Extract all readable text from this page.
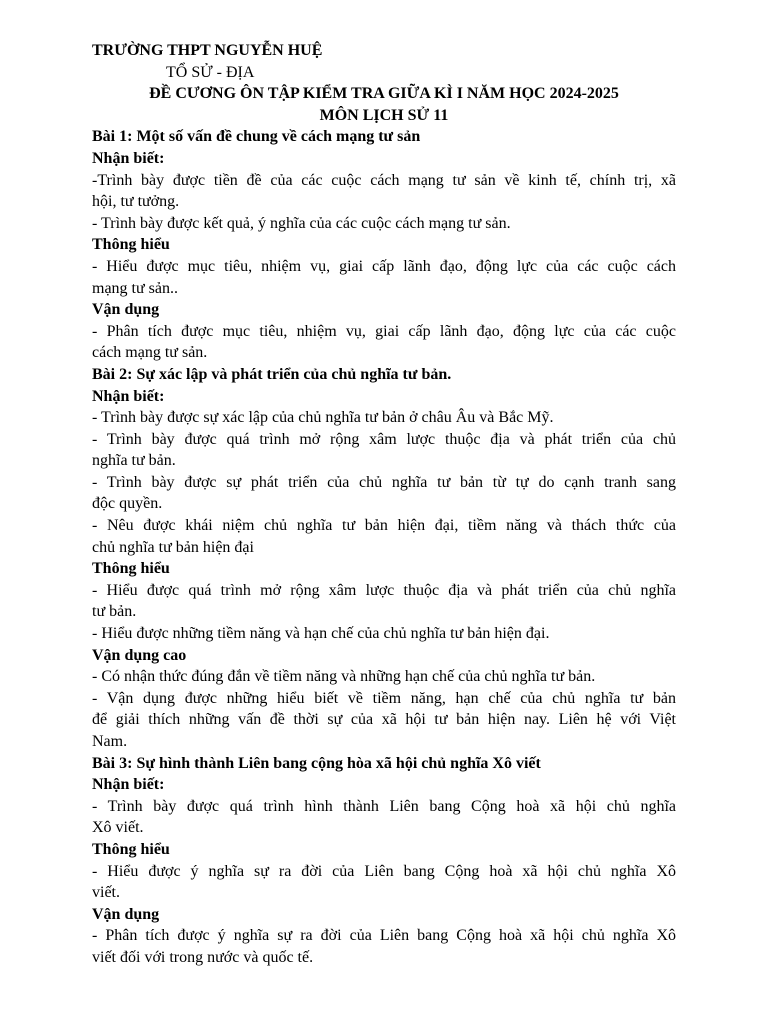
TRƯỜNG THPT NGUYỄN HUỆ
TỔ SỬ - ĐỊA
ĐỀ CƯƠNG ÔN TẬP KIỂM TRA GIỮA KÌ I NĂM HỌC 2024-2025
MÔN LỊCH SỬ 11
Bài 1: Một số vấn đề chung về cách mạng tư sản
Nhận biết:
-Trình bày được tiền đề của các cuộc cách mạng tư sản về kinh tế, chính trị, xã
hội, tư tưởng.
- Trình bày được kết quả, ý nghĩa của các cuộc cách mạng tư sản.
Thông hiểu
- Hiểu được mục tiêu, nhiệm vụ, giai cấp lãnh đạo, động lực của các cuộc cách
mạng tư sản..
Vận dụng
- Phân tích được mục tiêu, nhiệm vụ, giai cấp lãnh đạo, động lực của các cuộc
cách mạng tư sản.
Bài 2: Sự xác lập và phát triển của chủ nghĩa tư bản.
Nhận biết:
- Trình bày được sự xác lập của chủ nghĩa tư bản ở châu Âu và Bắc Mỹ.
- Trình bày được quá trình mở rộng xâm lược thuộc địa và phát triển của chủ
nghĩa tư bản.
- Trình bày được sự phát triển của chủ nghĩa tư bản từ tự do cạnh tranh sang
độc quyền.
- Nêu được khái niệm chủ nghĩa tư bản hiện đại, tiềm năng và thách thức của
chủ nghĩa tư bản hiện đại
Thông hiểu
- Hiểu được quá trình mở rộng xâm lược thuộc địa và phát triển của chủ nghĩa
tư bản.
- Hiểu được những tiềm năng và hạn chế của chủ nghĩa tư bản hiện đại.
Vận dụng cao
- Có nhận thức đúng đắn về tiềm năng và những hạn chế của chủ nghĩa tư bản.
- Vận dụng được những hiểu biết về tiềm năng, hạn chế của chủ nghĩa tư bản
để giải thích những vấn đề thời sự của xã hội tư bản hiện nay. Liên hệ với Việt
Nam.
Bài 3: Sự hình thành Liên bang cộng hòa xã hội chủ nghĩa Xô viết
Nhận biết:
- Trình bày được quá trình hình thành Liên bang Cộng hoà xã hội chủ nghĩa
Xô viết.
Thông hiểu
- Hiểu được ý nghĩa sự ra đời của Liên bang Cộng hoà xã hội chủ nghĩa Xô
viết.
Vận dụng
- Phân tích được ý nghĩa sự ra đời của Liên bang Cộng hoà xã hội chủ nghĩa Xô
viết đối với trong nước và quốc tế.
